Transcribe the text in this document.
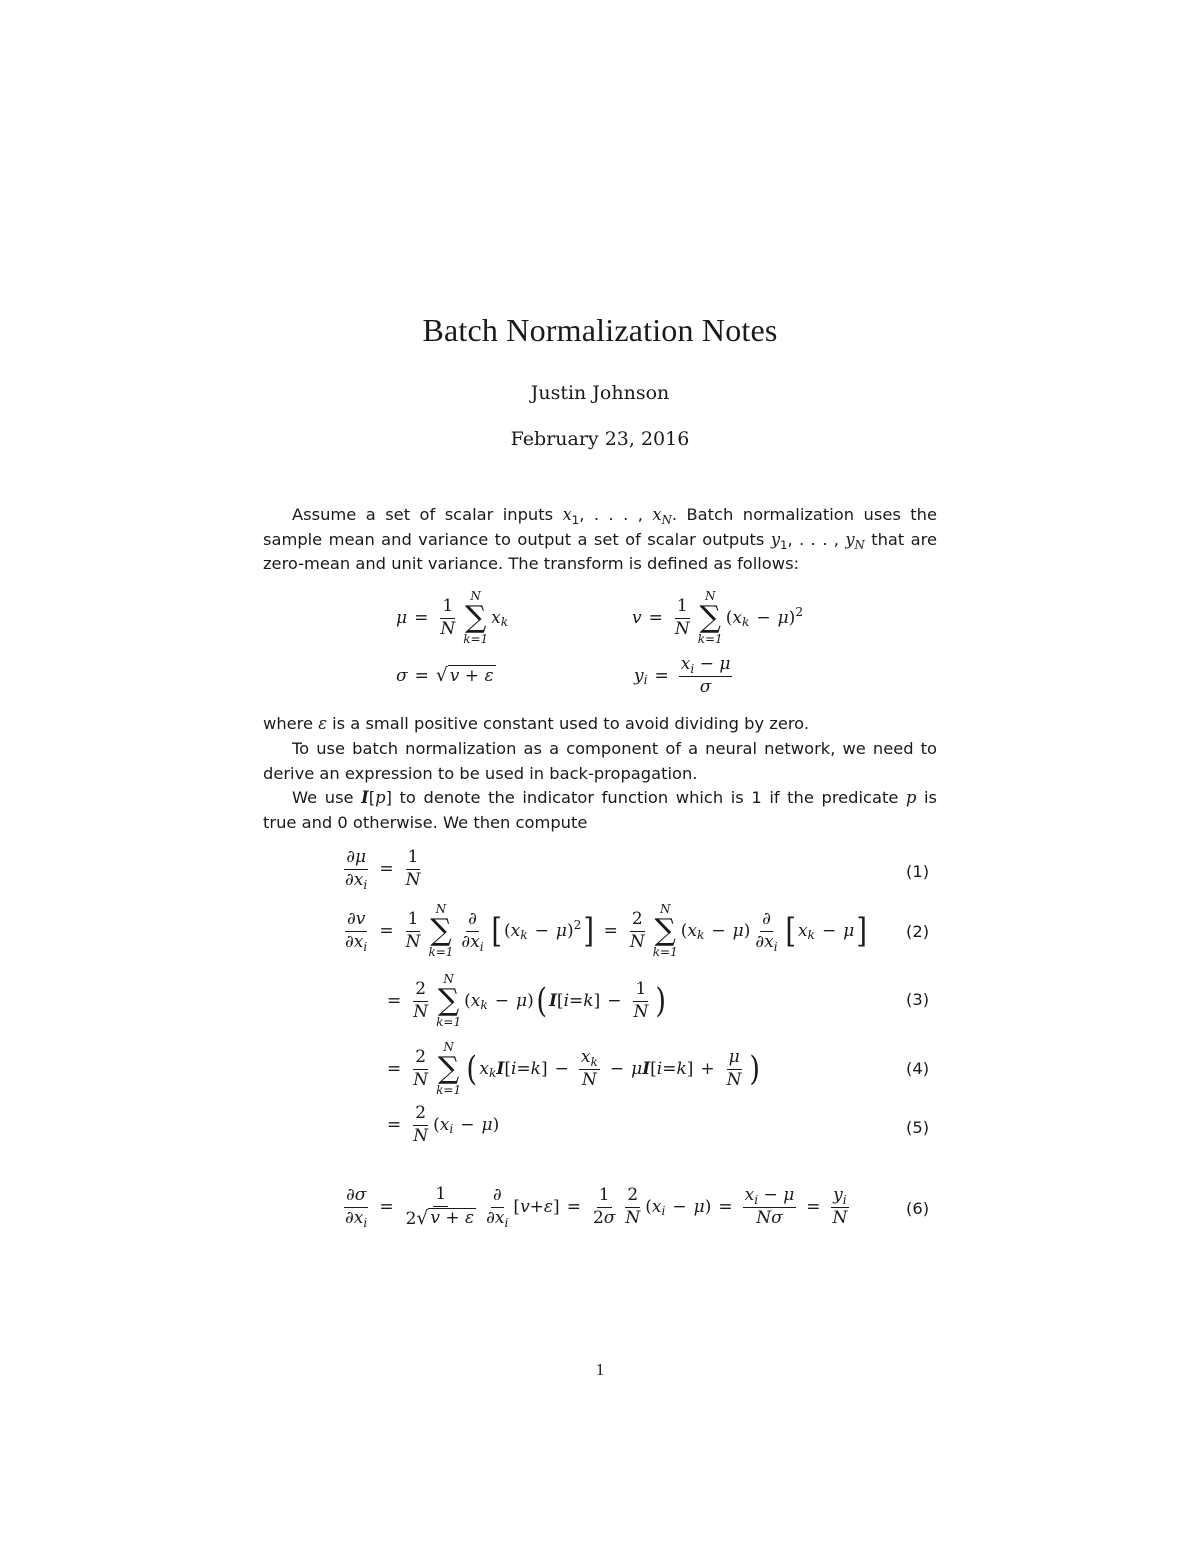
Batch Normalization Notes
Justin Johnson
February 23, 2016
Assume a set of scalar inputs $x_1$, . . . , $x_N$. Batch normalization uses the
sample mean and variance to output a set of scalar outputs $y_1$, . . . , $y_N$ that are
zero-mean and unit variance. The transform is defined as follows:
$\mu = \frac{1}{N}$
N
∑
k=1
x k	$v = \frac{1}{N}$
N
∑
k=1
( x k − μ ) 2
σ = √ v + ε	y $i = \frac{x_i - \mu}{\sigma}$
where ε is a small positive constant used to avoid dividing by zero.
To use batch normalization as a component of a neural network, we need to
derive an expression to be used in back-propagation.
We use I[p] to denote the indicator function which is 1 if the predicate p is
true and 0 otherwise. We then compute
$\frac{\partial\mu}{\partial x_i} = \frac{1}{N}$	(1)
$\frac{\partial v}{\partial x_i} = \frac{1}{N}$
N
∑
$k=1 \frac{\partial}{\partial x_i}$ [ ( x k − μ ) 2 ] = $\frac{2}{N}$
N
∑
k=1
( x k − μ ) $\frac{\partial}{\partial x_i}$ [ x k − μ ] (2)
= $\frac{2}{N}$
N
∑
k=1
( x k − μ ) ( I [ i = k ] − $\frac{1}{N}$ )	(3)
= $\frac{2}{N}$
N
∑
k=1
( x k I [ i = k ] − $\frac{x_k}{N} - \mu$ I [ i = k ] + $\frac{\mu}{N}$ )	(4)
= $\frac{2}{N}$ ( x i − μ )	(5)
$\frac{\partial\sigma}{\partial x_i} = \frac{1}{2 √ v + \varepsilon} \frac{\partial}{\partial x_i}$ [ v + ε ] = $\frac{1}{2\sigma} \frac{2}{N}$ ( x i − μ ) = $\frac{x_i - \mu}{N\sigma} = \frac{y_i}{N}$	(6)
1
